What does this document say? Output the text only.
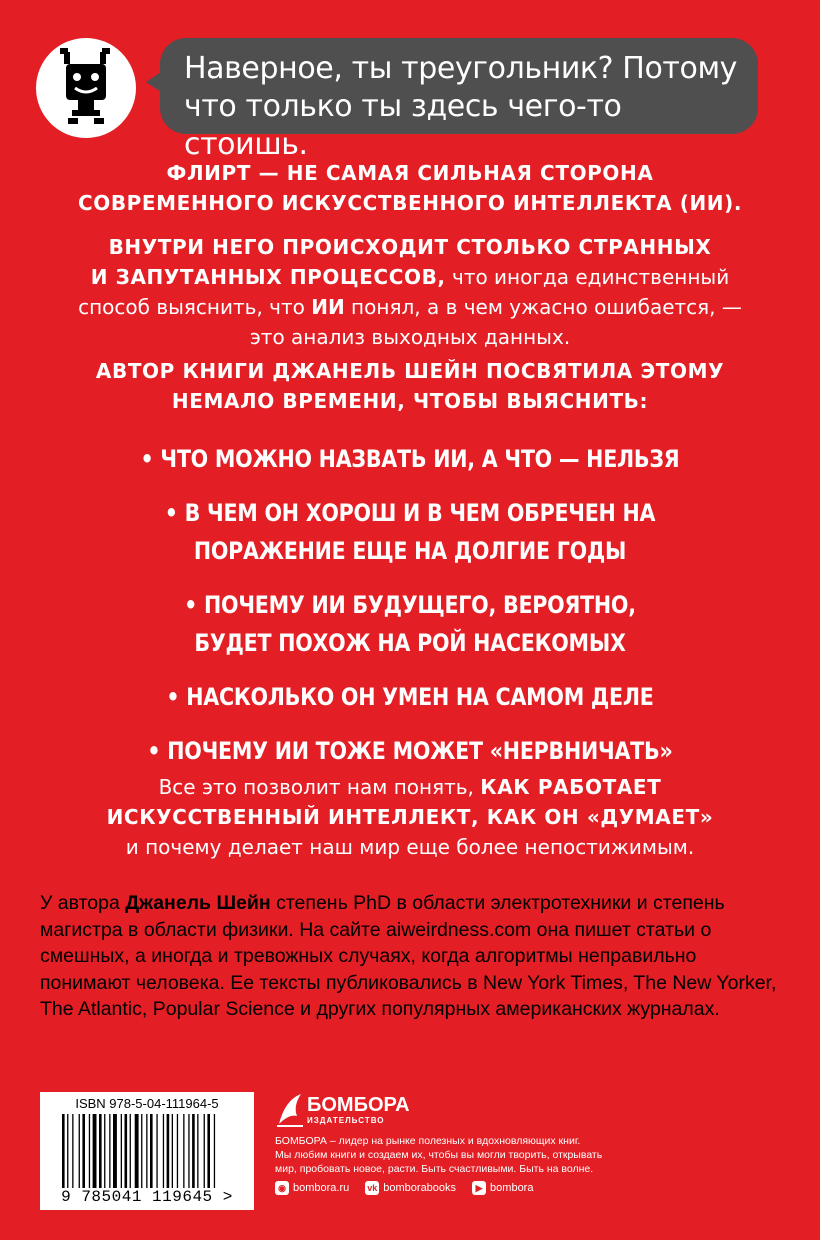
Наверное, ты треугольник? Потому

что только ты здесь чего-то стоишь.

ФЛИРТ — НЕ САМАЯ СИЛЬНАЯ СТОРОНА
СОВРЕМЕННОГО ИСКУССТВЕННОГО ИНТЕЛЛЕКТА (ИИ).
ВНУТРИ НЕГО ПРОИСХОДИТ СТОЛЬКО СТРАННЫХ
И ЗАПУТАННЫХ ПРОЦЕССОВ, что иногда единственный
способ выяснить, что ИИ понял, а в чем ужасно ошибается, —
это анализ выходных данных.
АВТОР КНИГИ ДЖАНЕЛЬ ШЕЙН ПОСВЯТИЛА ЭТОМУ
НЕМАЛО ВРЕМЕНИ, ЧТОБЫ ВЫЯСНИТЬ:
• ЧТО МОЖНО НАЗВАТЬ ИИ, А ЧТО — НЕЛЬЗЯ
• В ЧЕМ ОН ХОРОШ И В ЧЕМ ОБРЕЧЕН НА
ПОРАЖЕНИЕ ЕЩЕ НА ДОЛГИЕ ГОДЫ
• ПОЧЕМУ ИИ БУДУЩЕГО, ВЕРОЯТНО,
БУДЕТ ПОХОЖ НА РОЙ НАСЕКОМЫХ
• НАСКОЛЬКО ОН УМЕН НА САМОМ ДЕЛЕ
• ПОЧЕМУ ИИ ТОЖЕ МОЖЕТ «НЕРВНИЧАТЬ»
Все это позволит нам понять, КАК РАБОТАЕТ
ИСКУССТВЕННЫЙ ИНТЕЛЛЕКТ, КАК ОН «ДУМАЕТ»
и почему делает наш мир еще более непостижимым.
У автора Джанель Шейн степень PhD в области электротехники и степень магистра в области физики. На сайте aiweirdness.com она пишет статьи о смешных, а иногда и тревожных случаях, когда алгоритмы неправильно понимают человека. Ее тексты публиковались в New York Times, The New Yorker, The Atlantic, Popular Science и других популярных американских журналах.
ISBN 978-5-04-111964-5
9 785041 119645 >
БОМБОРА
ИЗДАТЕЛЬСТВО
БОМБОРА – лидер на рынке полезных и вдохновляющих книг.
Мы любим книги и создаем их, чтобы вы могли творить, открывать
мир, пробовать новое, расти. Быть счастливыми. Быть на волне.
◉ bombora.ru vk bomborabooks	▶ bombora
